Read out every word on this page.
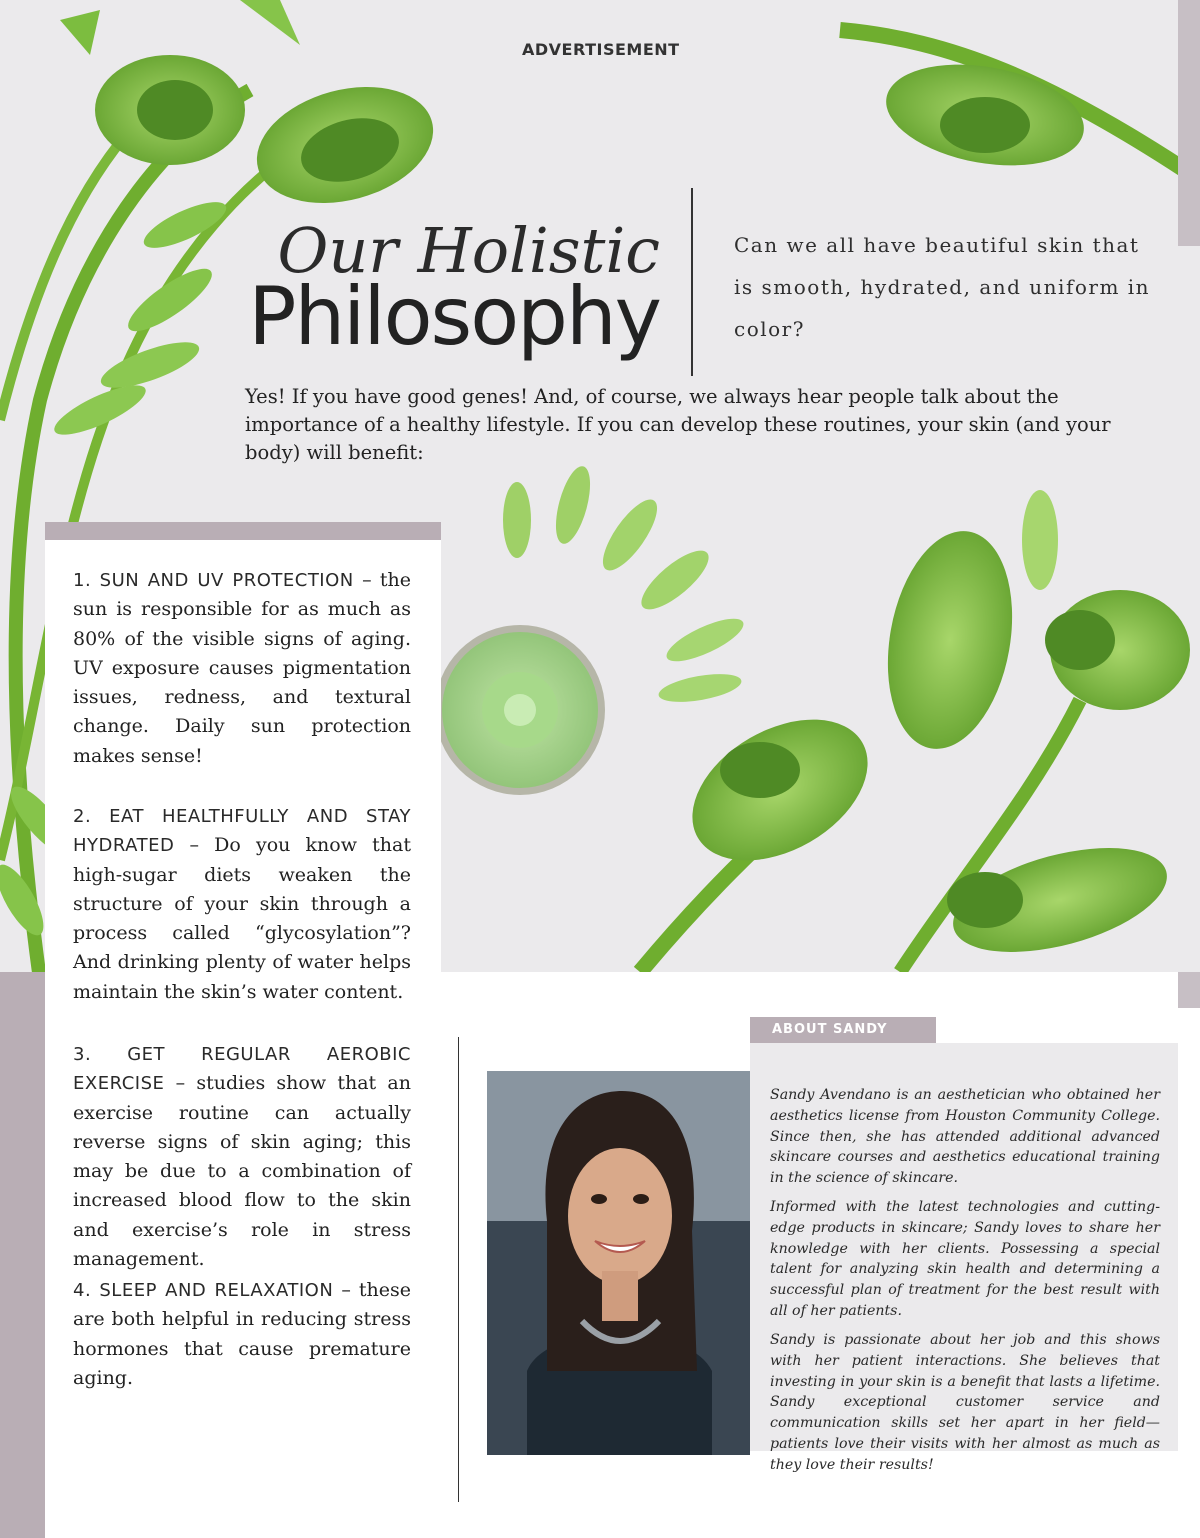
ADVERTISEMENT
Our Holistic
Philosophy
Can we all have beautiful skin that is smooth, hydrated, and uniform in color?
Yes! If you have good genes! And, of course, we always hear people talk about the importance of a healthy lifestyle. If you can develop these routines, your skin (and your body) will benefit:
1. SUN AND UV PROTECTION – the sun is responsible for as much as 80% of the visible signs of aging. UV exposure causes pigmentation issues, redness, and textural change. Daily sun protection makes sense!
2. EAT HEALTHFULLY AND STAY HYDRATED – Do you know that high-sugar diets weaken the structure of your skin through a process called “glycosylation”? And drinking plenty of water helps maintain the skin’s water content.
3. GET REGULAR AEROBIC EXERCISE – studies show that an exercise routine can actually reverse signs of skin aging; this may be due to a combination of increased blood flow to the skin and exercise’s role in stress management.
4. SLEEP AND RELAXATION – these are both helpful in reducing stress hormones that cause premature aging.
ABOUT SANDY
Sandy Avendano is an aesthetician who obtained her aesthetics license from Houston Community College. Since then, she has attended additional advanced skincare courses and aesthetics educational training in the science of skincare.
Informed with the latest technologies and cutting-edge products in skincare; Sandy loves to share her knowledge with her clients. Possessing a special talent for analyzing skin health and determining a successful plan of treatment for the best result with all of her patients.
Sandy is passionate about her job and this shows with her patient interactions. She believes that investing in your skin is a benefit that lasts a lifetime. Sandy exceptional customer service and communication skills set her apart in her field—patients love their visits with her almost as much as they love their results!
